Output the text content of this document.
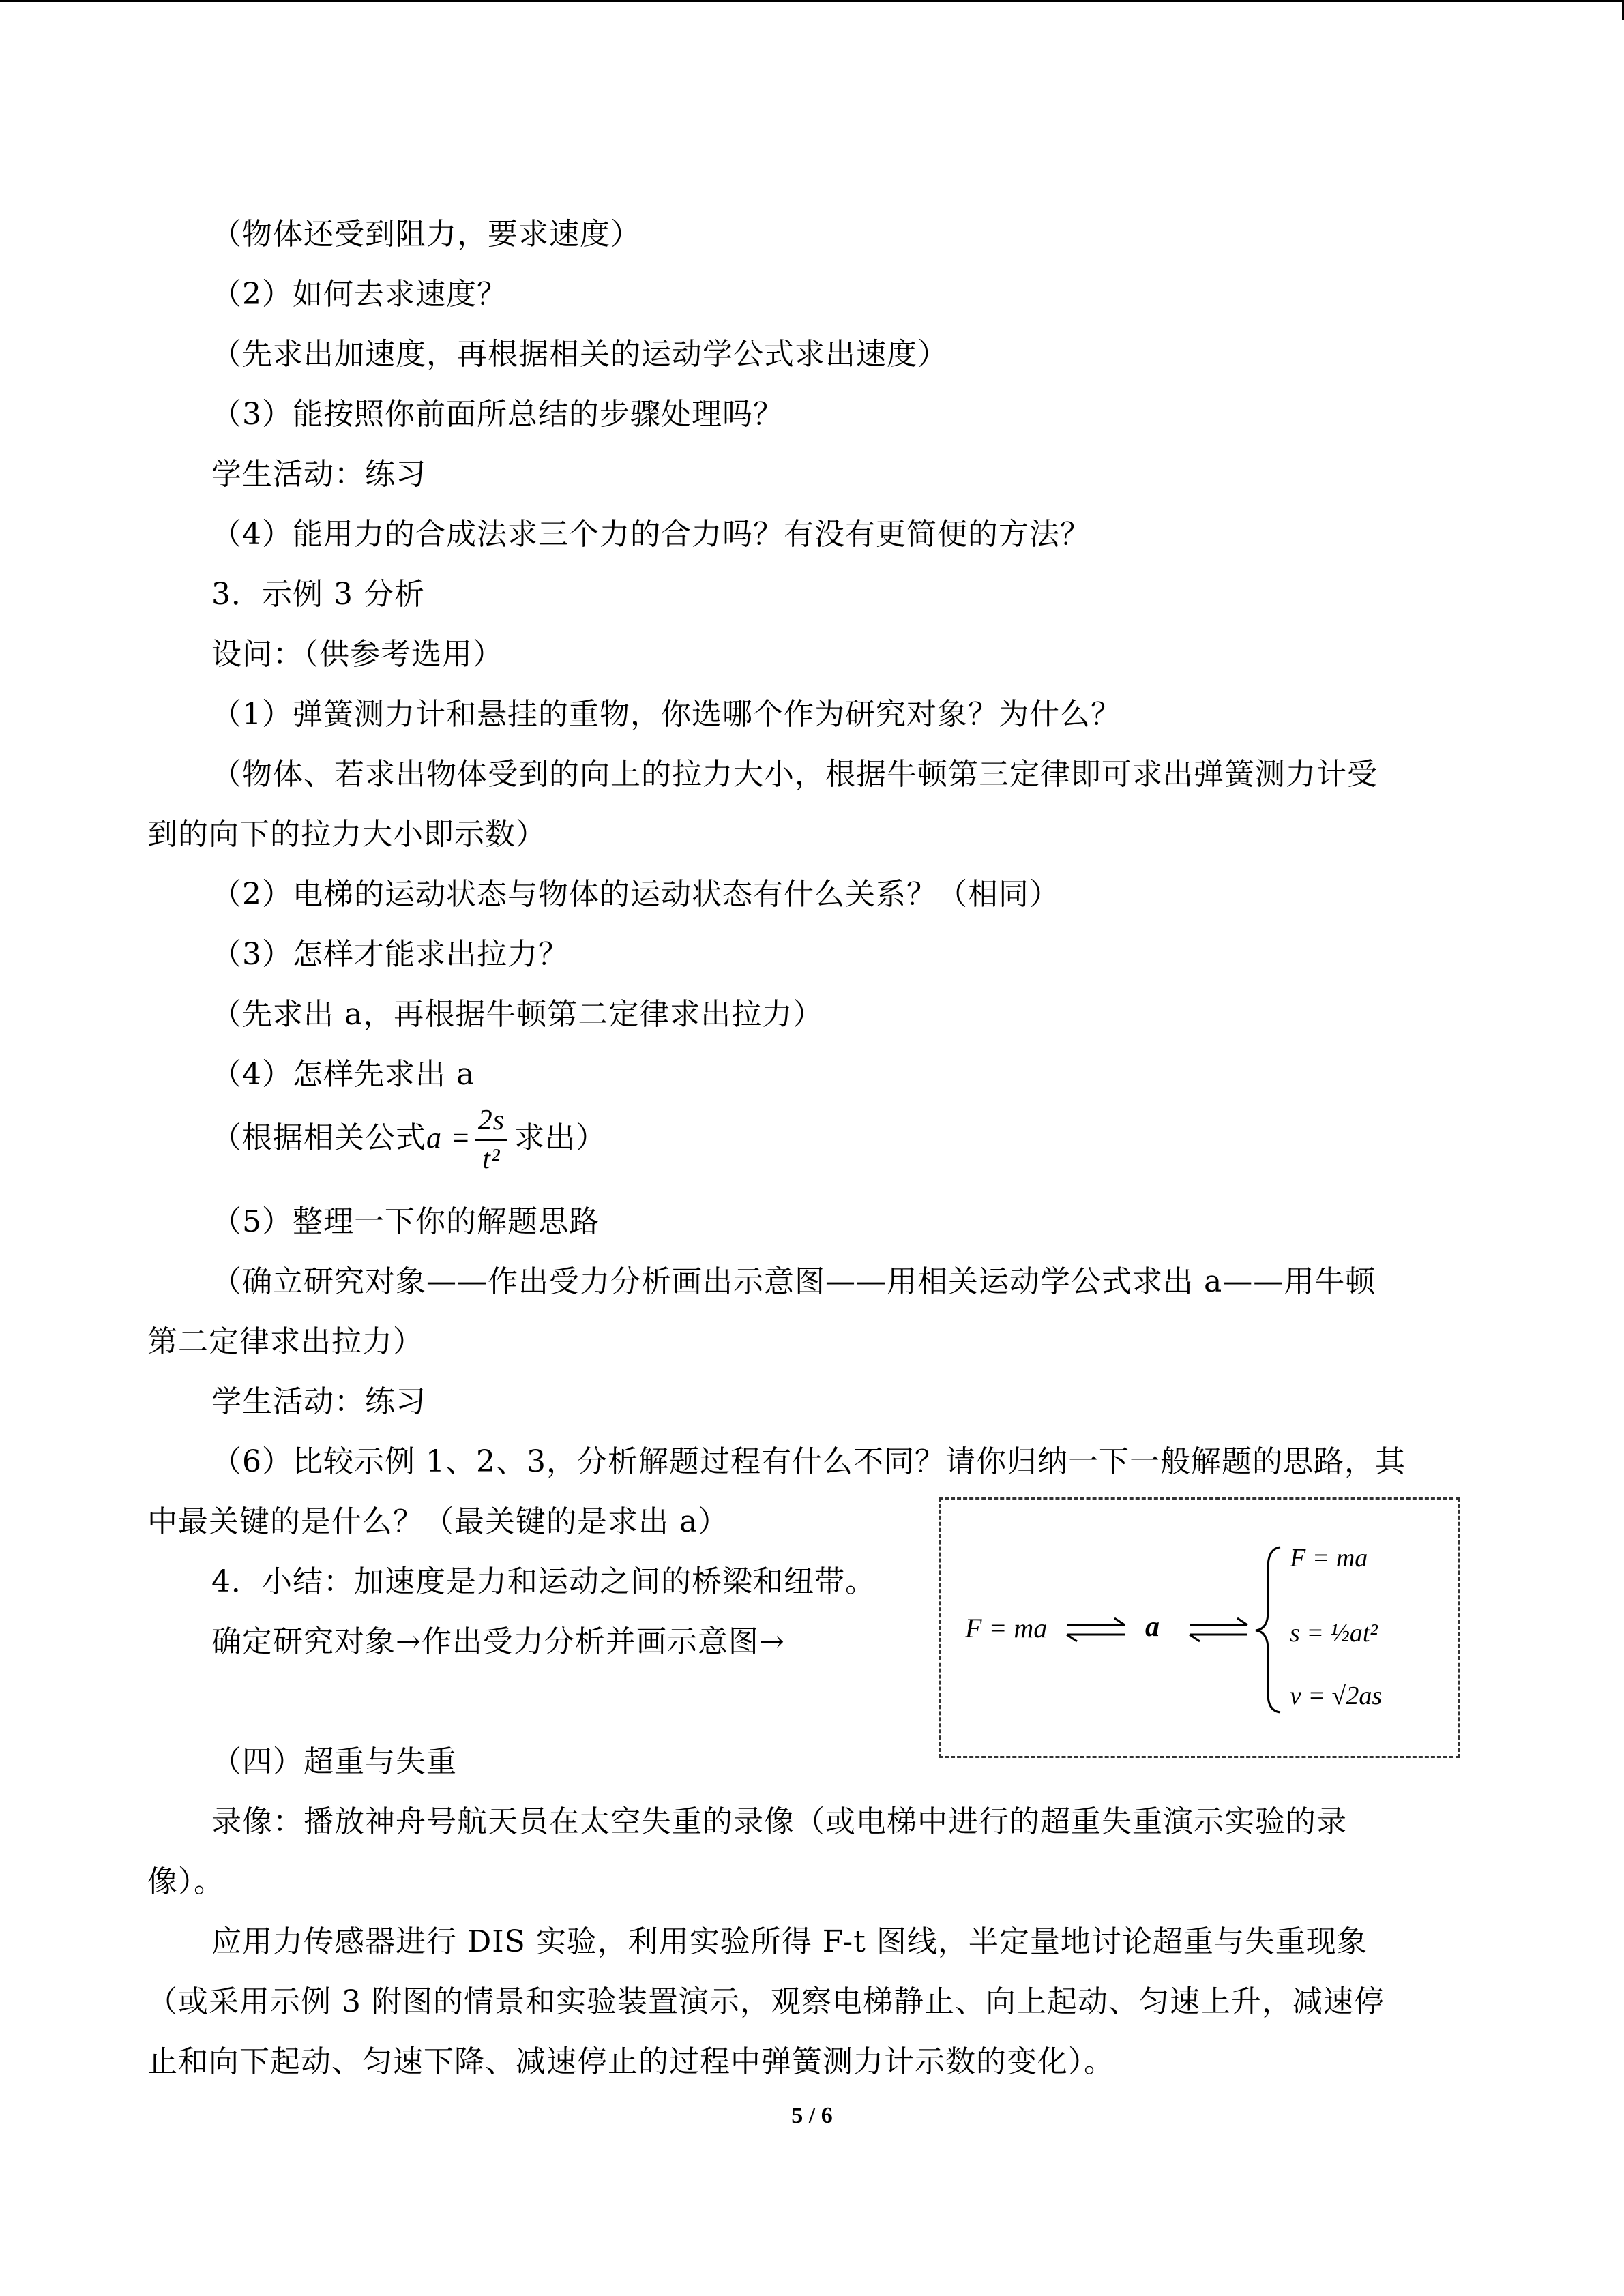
（物体还受到阻力，要求速度）
（2）如何去求速度？
（先求出加速度，再根据相关的运动学公式求出速度）
（3）能按照你前面所总结的步骤处理吗？
学生活动：练习
（4）能用力的合成法求三个力的合力吗？有没有更简便的方法？
3．示例 3 分析
设问：（供参考选用）
（1）弹簧测力计和悬挂的重物，你选哪个作为研究对象？为什么？
（物体、若求出物体受到的向上的拉力大小，根据牛顿第三定律即可求出弹簧测力计受
到的向下的拉力大小即示数）
（2）电梯的运动状态与物体的运动状态有什么关系？（相同）
（3）怎样才能求出拉力？
（先求出 a，再根据牛顿第二定律求出拉力）
（4）怎样先求出 a
（根据相关公式$a = \frac{2s}{\text{t²}}$ 求出）
（5）整理一下你的解题思路
（确立研究对象——作出受力分析画出示意图——用相关运动学公式求出 a——用牛顿
第二定律求出拉力）
学生活动：练习
（6）比较示例 1、2、3，分析解题过程有什么不同？请你归纳一下一般解题的思路，其
中最关键的是什么？（最关键的是求出 a）
4．小结：加速度是力和运动之间的桥梁和纽带。
确定研究对象→作出受力分析并画示意图→
（四）超重与失重
录像：播放神舟号航天员在太空失重的录像（或电梯中进行的超重失重演示实验的录
像）。
应用力传感器进行 DIS 实验，利用实验所得 F-t 图线，半定量地讨论超重与失重现象
（或采用示例 3 附图的情景和实验装置演示，观察电梯静止、向上起动、匀速上升，减速停
止和向下起动、匀速下降、减速停止的过程中弹簧测力计示数的变化）。
F = ma	a
F = ma
s = ½at²
v = √2as
5 / 6
